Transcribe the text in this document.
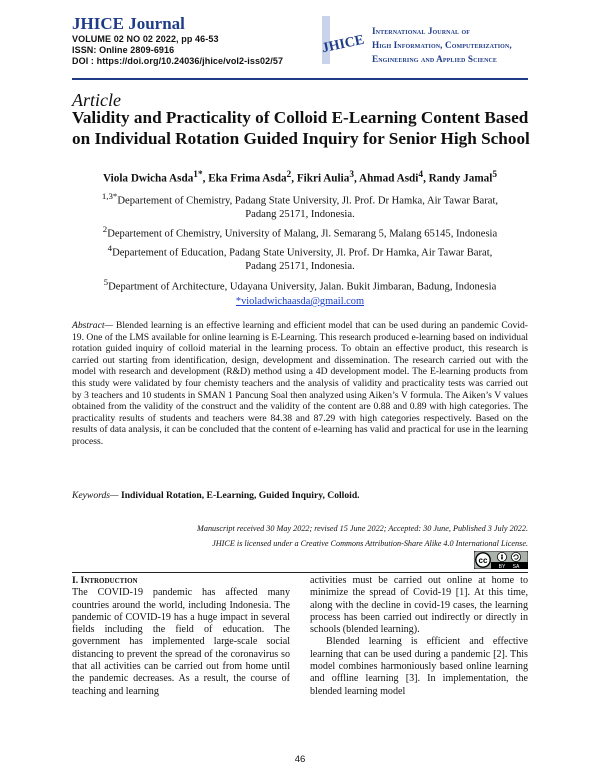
JHICE Journal
VOLUME 02 NO 02 2022, pp 46-53
ISSN: Online 2809-6916
DOI : https://doi.org/10.24036/jhice/vol2-iss02/57
JHICE
International Journal of
High Information, Computerization,
Engineering and Applied Science
Article
Validity and Practicality of Colloid E-Learning Content Based
on Individual Rotation Guided Inquiry for Senior High School
Viola Dwicha Asda$^{1*}$, Eka Frima Asda$^2$, Fikri Aulia$^3$, Ahmad Asdi$^4$, Randy Jamal$^5$
$^{1,3*}$Departement of Chemistry, Padang State University, Jl. Prof. Dr Hamka, Air Tawar Barat,
Padang 25171, Indonesia.
$^2$Departement of Chemistry, University of Malang, Jl. Semarang 5, Malang 65145, Indonesia
$^4$Departement of Education, Padang State University, Jl. Prof. Dr Hamka, Air Tawar Barat,
Padang 25171, Indonesia.
$^5$Department of Architecture, Udayana University, Jalan. Bukit Jimbaran, Badung, Indonesia
*violadwichaasda@gmail.com
Abstract— Blended learning is an effective learning and efficient model that can be used during an pandemic Covid-19. One of the LMS available for online learning is E-Learning. This research produced e-learning based on individual rotation guided inquiry of colloid material in the learning process. To obtain an effective product, this research is carried out starting from identification, design, development and dissemination. The research carried out with the model with research and development (R&D) method using a 4D development model. The E-learning products from this study were validated by four chemisty teachers and the analysis of validity and practicality tests was carried out by 3 teachers and 10 students in SMAN 1 Pancung Soal then analyzed using Aiken’s V formula. The Aiken’s V values obtained from the validity of the construct and the validity of the content are 0.88 and 0.89 with high categories. The practicality results of students and teachers were 84.38 and 87.29 with high categories respectively. Based on the results of data analysis, it can be concluded that the content of e-learning has valid and practical for use in the learning process.
Keywords— Individual Rotation, E-Learning, Guided Inquiry, Colloid.
Manuscript received 30 May 2022; revised 15 June 2022; Accepted: 30 June, Published 3 July 2022.
JHICE is licensed under a Creative Commons Attribution-Share Alike 4.0 International License.
cc
BY SA
I. Introduction

The COVID-19 pandemic has affected many countries around the world, including Indonesia. The pandemic of COVID-19 has a huge impact in several fields including the field of education. The government has implemented large-scale social distancing to prevent the spread of the coronavirus so that all activities can be carried out from home until the pandemic decreases. As a result, the course of teaching and learning

activities must be carried out online at home to minimize the spread of Covid-19 [1]. At this time, along with the decline in covid-19 cases, the learning process has been carried out indirectly or directly in schools (blended learning).

Blended learning is efficient and effective learning that can be used during a pandemic [2]. This model combines harmoniously based online learning and offline learning [3]. In implementation, the blended learning model

46
